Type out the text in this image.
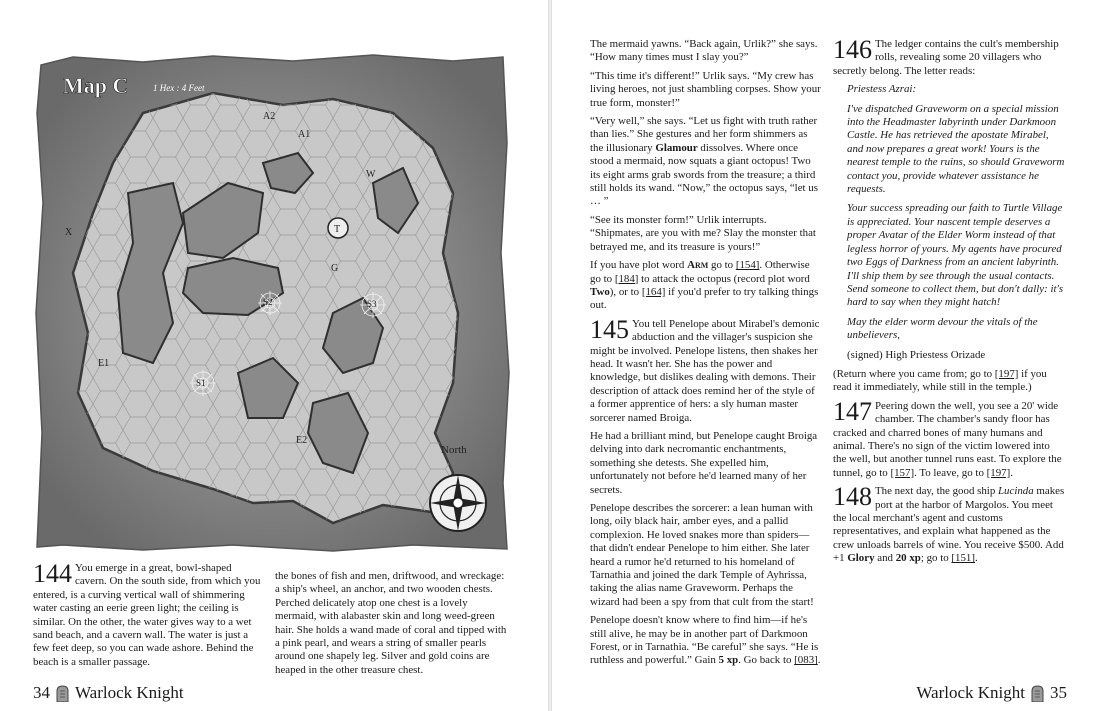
Map C	1 Hex : 4 Feet
A2
A1
W
X	T
G
S2	S3
E1
S1
E2
North

144 You emerge in a great, bowl-shaped cavern. On the south side, from which you entered, is a curving vertical wall of shimmering water casting an eerie green light; the ceiling is similar. On the other, the water gives way to a wet sand beach, and a cavern wall. The water is just a few feet deep, so you can wade ashore. Behind the beach is a smaller passage.

the bones of fish and men, driftwood, and wreckage: a ship's wheel, an anchor, and two wooden chests. Perched delicately atop one chest is a lovely mermaid, with alabaster skin and long weed-green hair. She holds a wand made of coral and tipped with a pink pearl, and wears a string of smaller pearls around one shapely leg. Silver and gold coins are heaped in the other treasure chest.

34 Warlock Knight

The mermaid yawns. “Back again, Urlik?” she says. “How many times must I slay you?”

“This time it's different!” Urlik says. “My crew has living heroes, not just shambling corpses. Show your true form, monster!”

“Very well,” she says. “Let us fight with truth rather than lies.” She gestures and her form shimmers as the illusionary Glamour dissolves. Where once stood a mermaid, now squats a giant octopus! Two its eight arms grab swords from the treasure; a third still holds its wand. “Now,” the octopus says, “let us … ”

“See its monster form!” Urlik interrupts. “Shipmates, are you with me? Slay the monster that betrayed me, and its treasure is yours!”

If you have plot word Arm go to [154]. Otherwise go to [184] to attack the octopus (record plot word Two), or to [164] if you'd prefer to try talking things out.

145 You tell Penelope about Mirabel's demonic abduction and the villager's suspicion she might be involved. Penelope listens, then shakes her head. It wasn't her. She has the power and knowledge, but dislikes dealing with demons. Their description of attack does remind her of the style of a former apprentice of hers: a sly human master sorcerer named Broiga.

He had a brilliant mind, but Penelope caught Broiga delving into dark necromantic enchantments, something she detests. She expelled him, unfortunately not before he'd learned many of her secrets.

Penelope describes the sorcerer: a lean human with long, oily black hair, amber eyes, and a pallid complexion. He loved snakes more than spiders—that didn't endear Penelope to him either. She later heard a rumor he'd returned to his homeland of Tarnathia and joined the dark Temple of Ayhrissa, taking the alias name Graveworm. Perhaps the wizard had been a spy from that cult from the start!

Penelope doesn't know where to find him—if he's still alive, he may be in another part of Darkmoon Forest, or in Tarnathia. “Be careful” she says. “He is ruthless and powerful.” Gain 5 xp. Go back to [083].

146 The ledger contains the cult's membership rolls, revealing some 20 villagers who secretly belong. The letter reads:

Priestess Azrai:

I've dispatched Graveworm on a special mission into the Headmaster labyrinth under Darkmoon Castle. He has retrieved the apostate Mirabel, and now prepares a great work! Yours is the nearest temple to the ruins, so should Graveworm contact you, provide whatever assistance he requests.

Your success spreading our faith to Turtle Village is appreciated. Your nascent temple deserves a proper Avatar of the Elder Worm instead of that legless horror of yours. My agents have procured two Eggs of Darkness from an ancient labyrinth. I'll ship them by see through the usual contacts. Send someone to collect them, but don't dally: it's hard to say when they might hatch!

May the elder worm devour the vitals of the unbelievers,

(signed) High Priestess Orizade

(Return where you came from; go to [197] if you read it immediately, while still in the temple.)

147 Peering down the well, you see a 20' wide chamber. The chamber's sandy floor has cracked and charred bones of many humans and animal. There's no sign of the victim lowered into the well, but another tunnel runs east. To explore the tunnel, go to [157]. To leave, go to [197].

148 The next day, the good ship Lucinda makes port at the harbor of Margolos. You meet the local merchant's agent and customs representatives, and explain what happened as the crew unloads barrels of wine. You receive $500. Add +1 Glory and 20 xp; go to [151].

Warlock Knight 35
